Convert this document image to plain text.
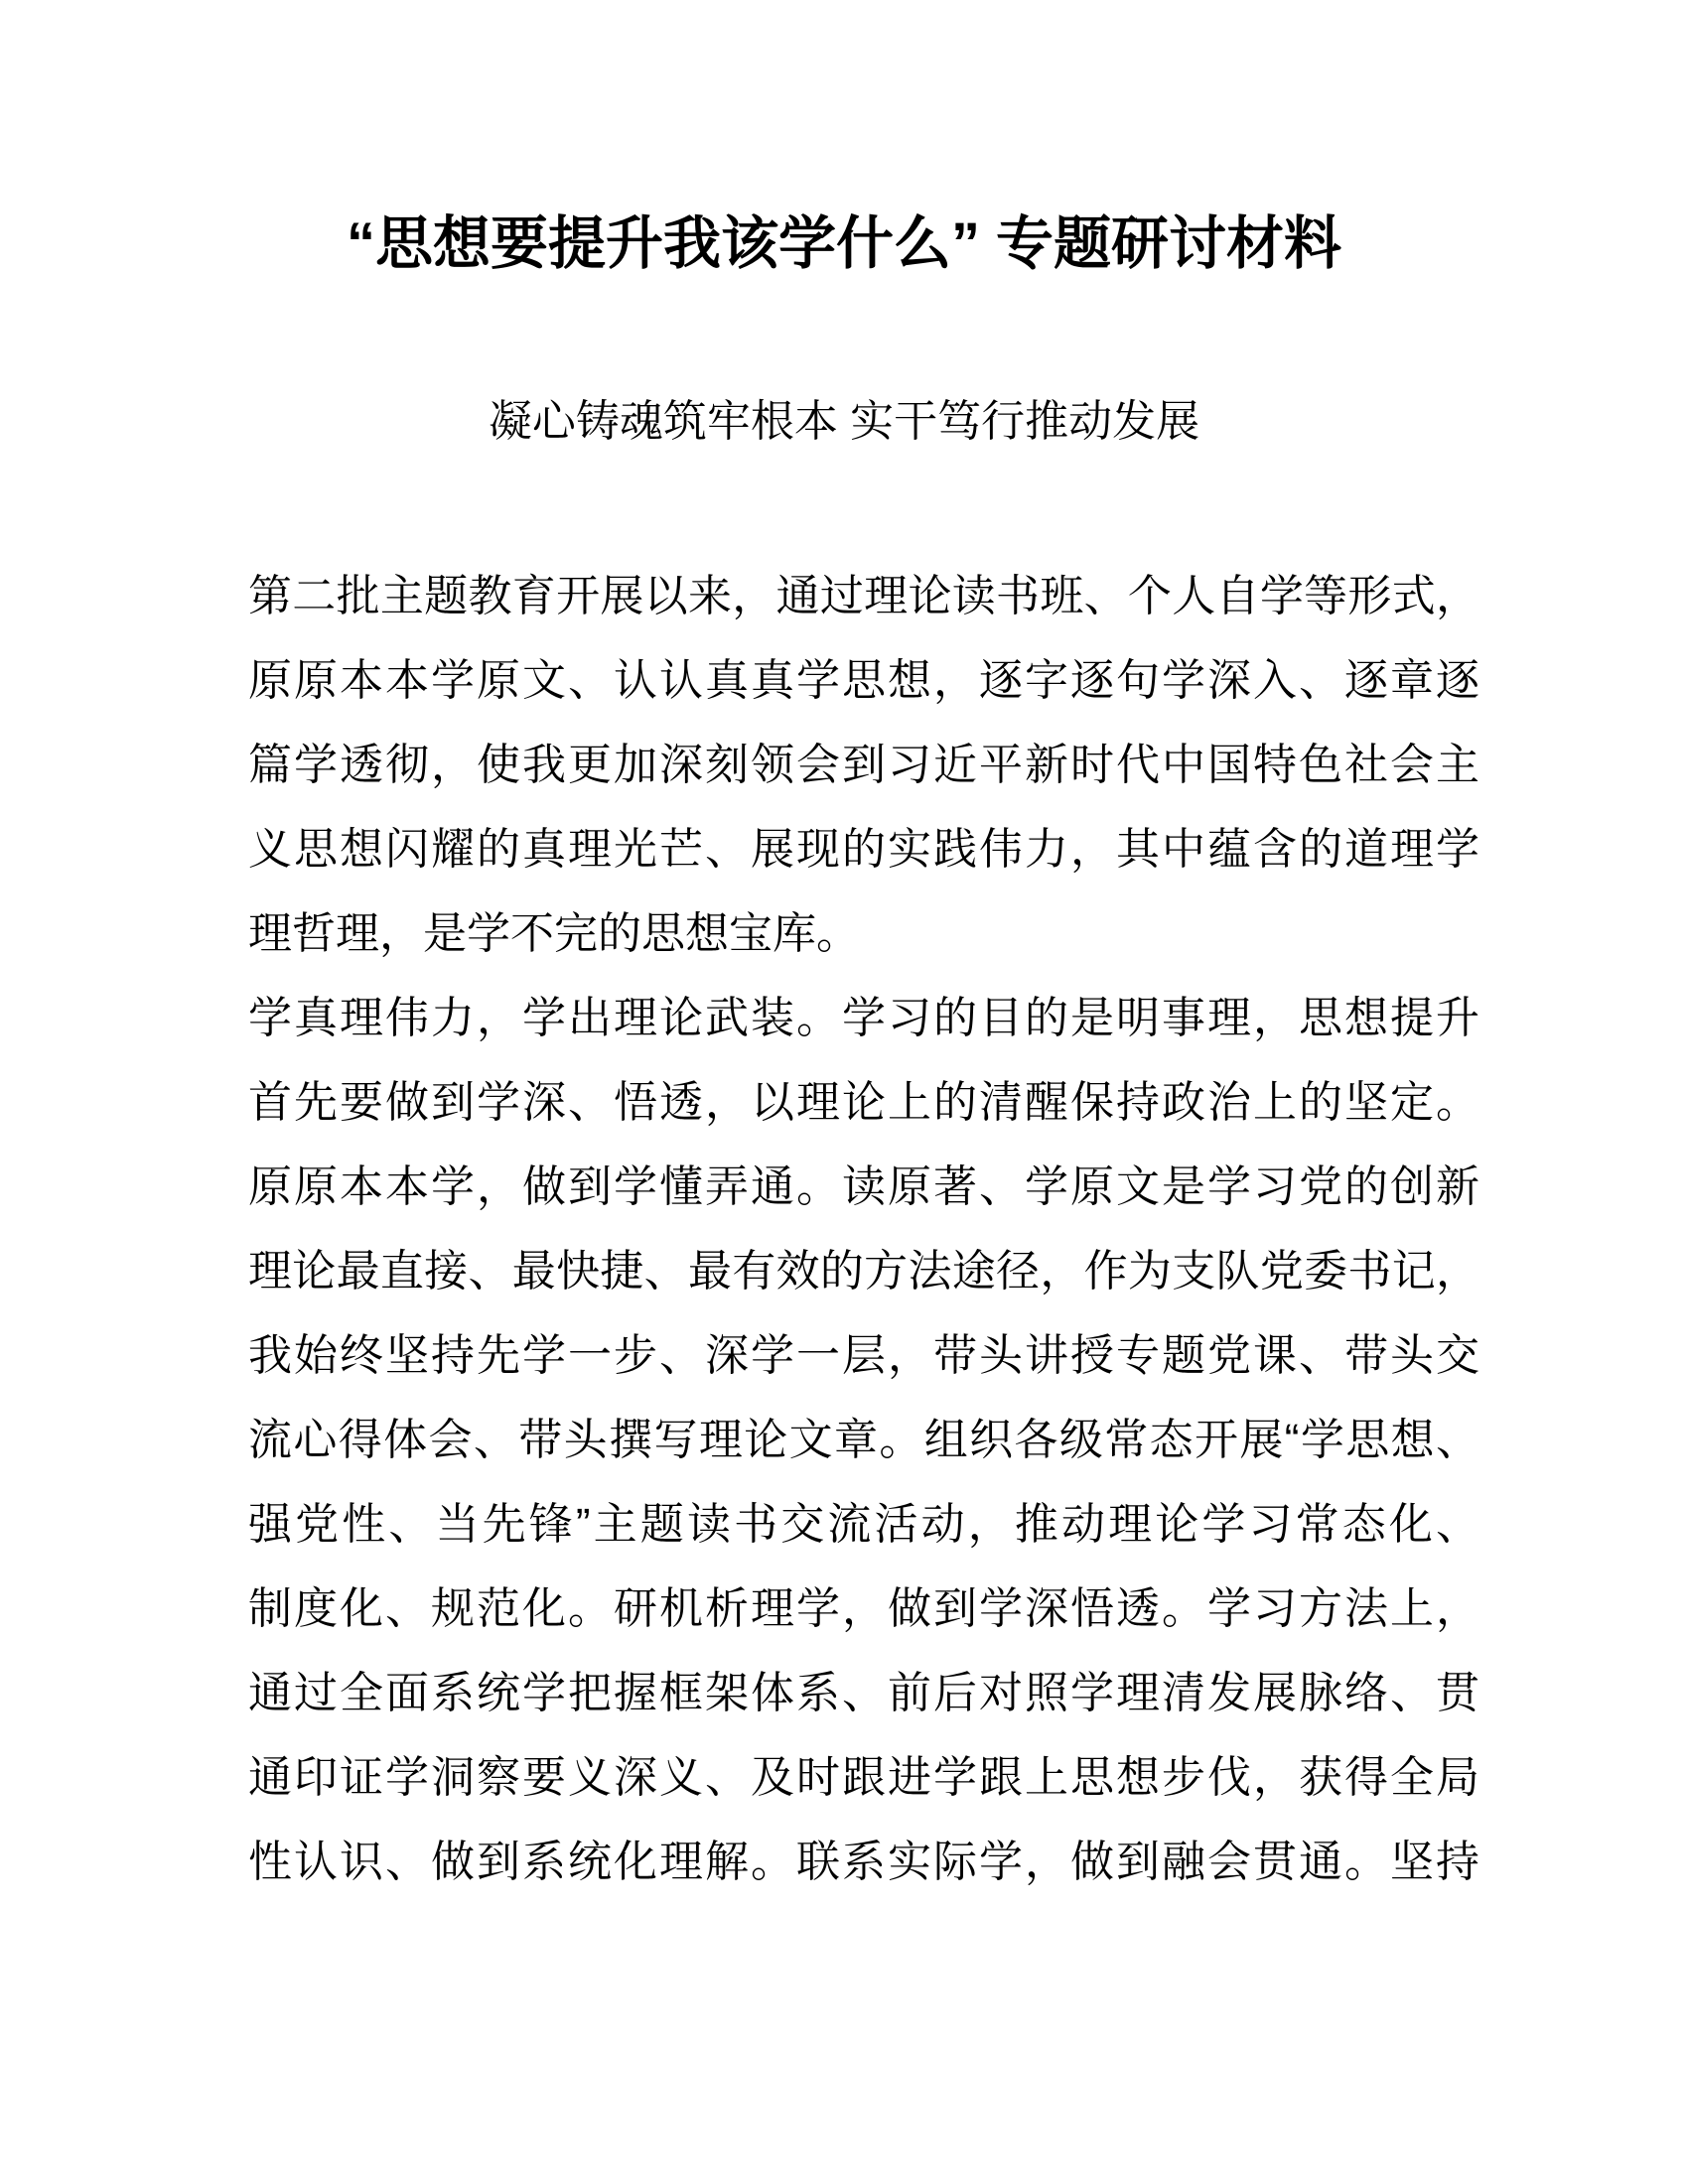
“思想要提升我该学什么” 专题研讨材料
凝心铸魂筑牢根本 实干笃行推动发展
第二批主题教育开展以来，通过理论读书班、个人自学等形式，
原原本本学原文、认认真真学思想，逐字逐句学深入、逐章逐
篇学透彻，使我更加深刻领会到习近平新时代中国特色社会主
义思想闪耀的真理光芒、展现的实践伟力，其中蕴含的道理学
理哲理，是学不完的思想宝库。
学真理伟力，学出理论武装。学习的目的是明事理，思想提升
首先要做到学深、悟透，以理论上的清醒保持政治上的坚定。
原原本本学，做到学懂弄通。读原著、学原文是学习党的创新
理论最直接、最快捷、最有效的方法途径，作为支队党委书记，
我始终坚持先学一步、深学一层，带头讲授专题党课、带头交
流心得体会、带头撰写理论文章。组织各级常态开展“学思想、
强党性、当先锋”主题读书交流活动，推动理论学习常态化、
制度化、规范化。研机析理学，做到学深悟透。学习方法上，
通过全面系统学把握框架体系、前后对照学理清发展脉络、贯
通印证学洞察要义深义、及时跟进学跟上思想步伐，获得全局
性认识、做到系统化理解。联系实际学，做到融会贯通。坚持
